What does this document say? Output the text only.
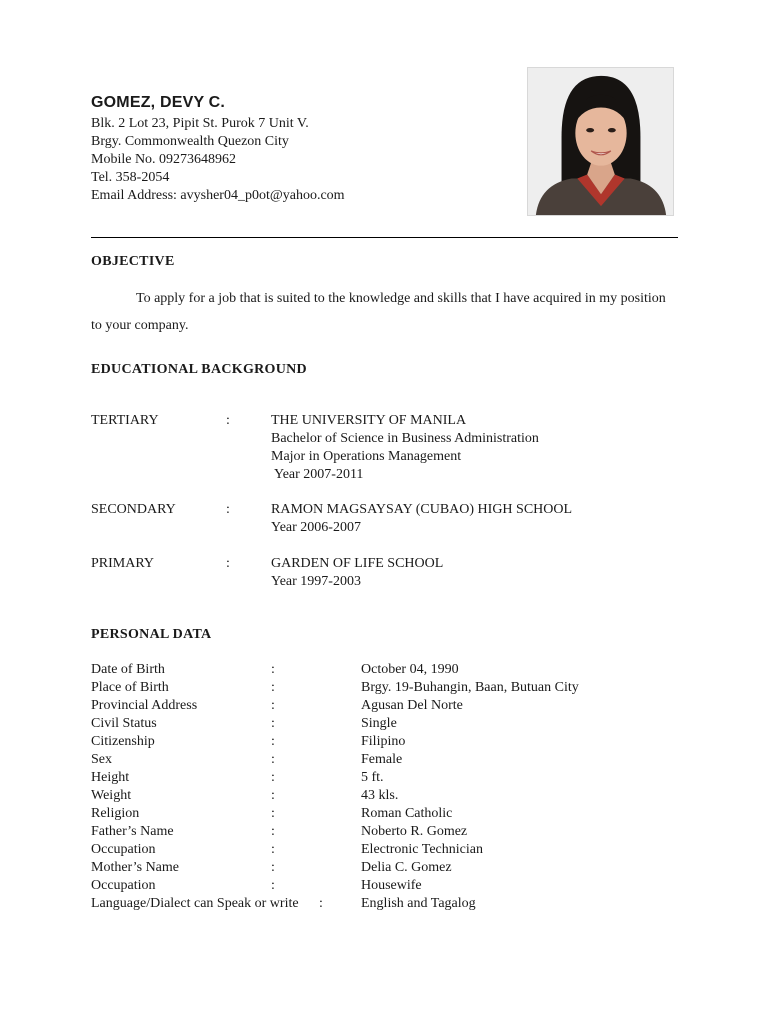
GOMEZ, DEVY C.
Blk. 2 Lot 23, Pipit St. Purok 7 Unit V.
Brgy. Commonwealth Quezon City
Mobile No. 09273648962
Tel. 358-2054
Email Address: avysher04_p0ot@yahoo.com
OBJECTIVE
To apply for a job that is suited to the knowledge and skills that I have acquired in my position to your company.
EDUCATIONAL BACKGROUND
TERTIARY	:	THE UNIVERSITY OF MANILA
Bachelor of Science in Business Administration
Major in Operations Management
Year 2007-2011
SECONDARY	:	RAMON MAGSAYSAY (CUBAO) HIGH SCHOOL
Year 2006-2007
PRIMARY	:	GARDEN OF LIFE SCHOOL
Year 1997-2003
PERSONAL DATA
Date of Birth	:	October 04, 1990
Place of Birth	:	Brgy. 19-Buhangin, Baan, Butuan City
Provincial Address	:	Agusan Del Norte
Civil Status	:	Single
Citizenship	:	Filipino
Sex	:	Female
Height	:	5 ft.
Weight	:	43 kls.
Religion	:	Roman Catholic
Father’s Name	:	Noberto R. Gomez
Occupation	:	Electronic Technician
Mother’s Name	:	Delia C. Gomez
Occupation	:	Housewife
Language/Dialect can Speak or write :	English and Tagalog
